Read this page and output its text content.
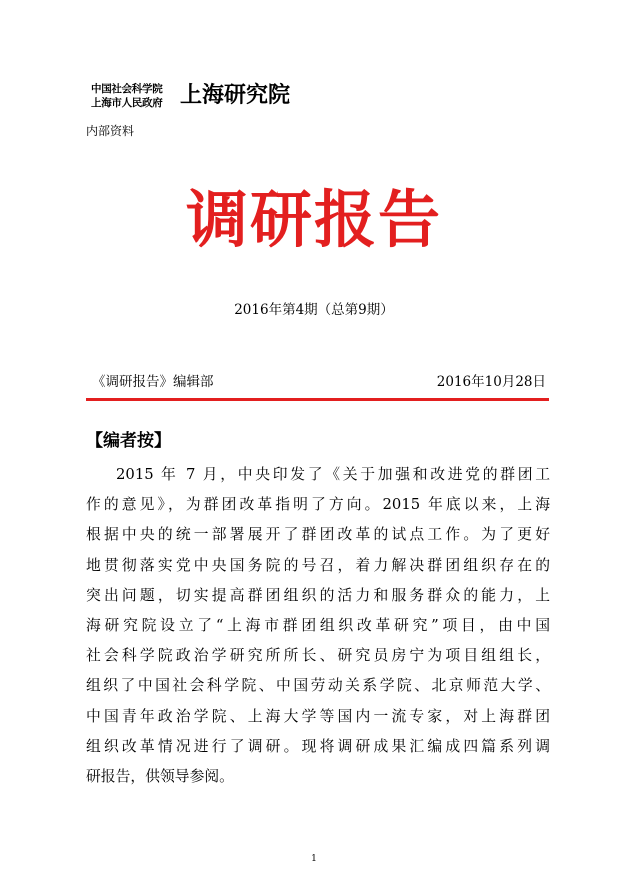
中国社会科学院
上海市人民政府 上海研究院
内部资料
调研报告
2016年第4期（总第9期）
《调研报告》编辑部	2016年10月28日
【编者按】
2015 年 7 月，中央印发了《关于加强和改进党的群团工
作的意见》，为群团改革指明了方向。2015 年底以来，上海
根据中央的统一部署展开了群团改革的试点工作。为了更好
地贯彻落实党中央国务院的号召，着力解决群团组织存在的
突出问题，切实提高群团组织的活力和服务群众的能力，上
海研究院设立了“上海市群团组织改革研究”项目，由中国
社会科学院政治学研究所所长、研究员房宁为项目组组长，
组织了中国社会科学院、中国劳动关系学院、北京师范大学、
中国青年政治学院、上海大学等国内一流专家，对上海群团
组织改革情况进行了调研。现将调研成果汇编成四篇系列调
研报告，供领导参阅。
1
